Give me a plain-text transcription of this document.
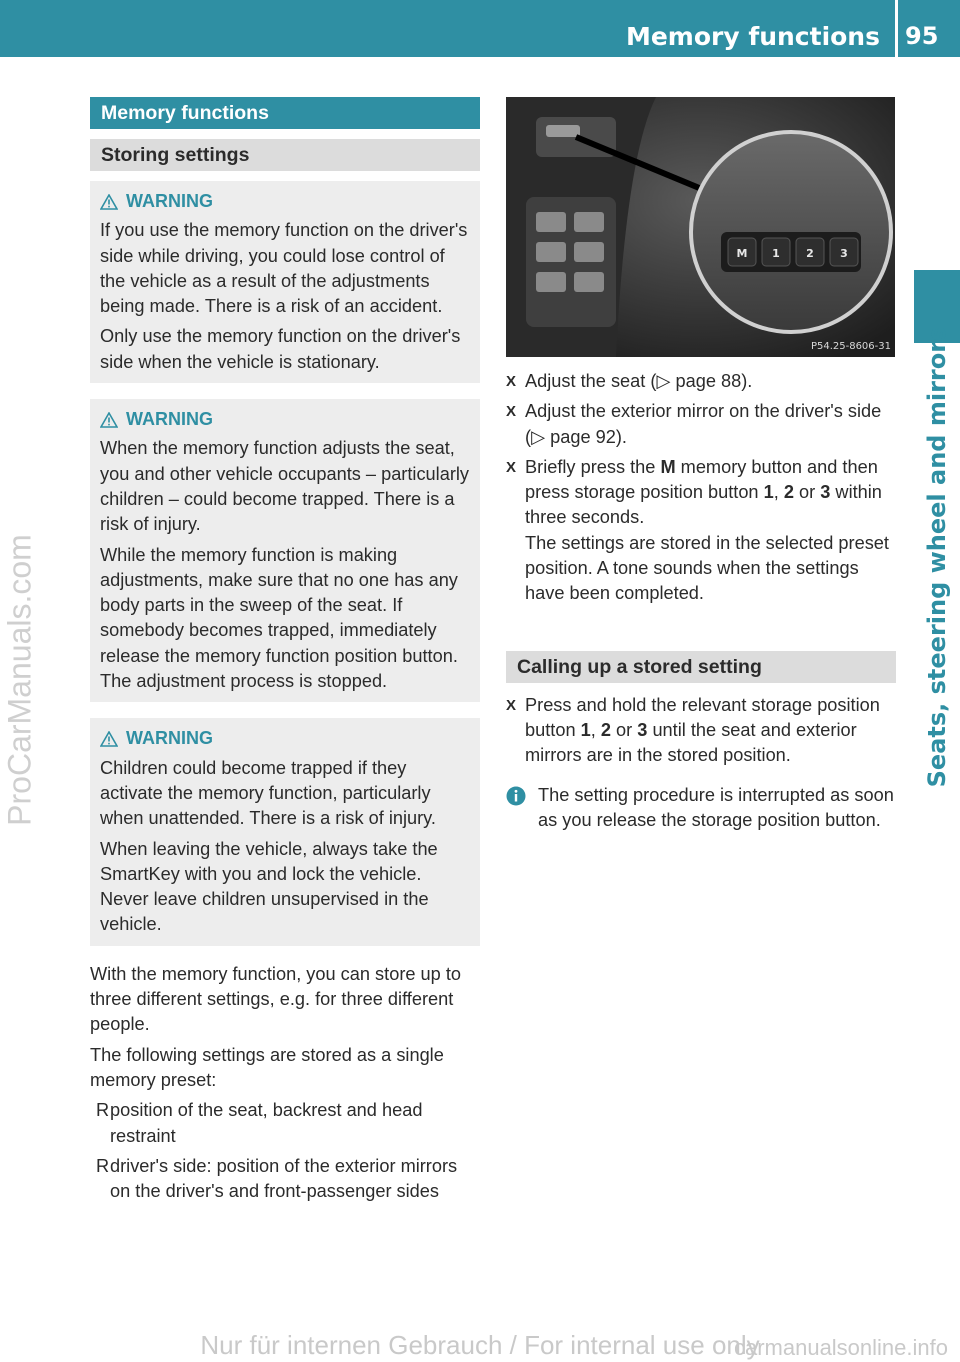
Memory functions 95
Seats, steering wheel and mirrors
ProCarManuals.com
Memory functions
Storing settings
WARNING

If you use the memory function on the driver's side while driving, you could lose control of the vehicle as a result of the adjustments being made. There is a risk of an accident.

Only use the memory function on the driver's side when the vehicle is stationary.

WARNING

When the memory function adjusts the seat, you and other vehicle occupants – particularly children – could become trapped. There is a risk of injury.

While the memory function is making adjustments, make sure that no one has any body parts in the sweep of the seat. If somebody becomes trapped, immediately release the memory function position button. The adjustment process is stopped.

WARNING

Children could become trapped if they activate the memory function, particularly when unattended. There is a risk of injury.

When leaving the vehicle, always take the SmartKey with you and lock the vehicle. Never leave children unsupervised in the vehicle.

With the memory function, you can store up to three different settings, e.g. for three different people.

The following settings are stored as a single memory preset:

R position of the seat, backrest and head restraint
R driver's side: position of the exterior mirrors on the driver's and front-passenger sides
M 1 2 3
P54.25-8606-31
X Adjust the seat (▷ page 88).
X Adjust the exterior mirror on the driver's side (▷ page 92).
X Briefly press the M memory button and then press storage position button 1, 2 or 3 within three seconds.
The settings are stored in the selected preset position. A tone sounds when the settings have been completed.
Calling up a stored setting
X Press and hold the relevant storage position button 1, 2 or 3 until the seat and exterior mirrors are in the stored position.
The setting procedure is interrupted as soon as you release the storage position button.
Nur für internen Gebrauch / For internal use only
carmanualsonline.info
